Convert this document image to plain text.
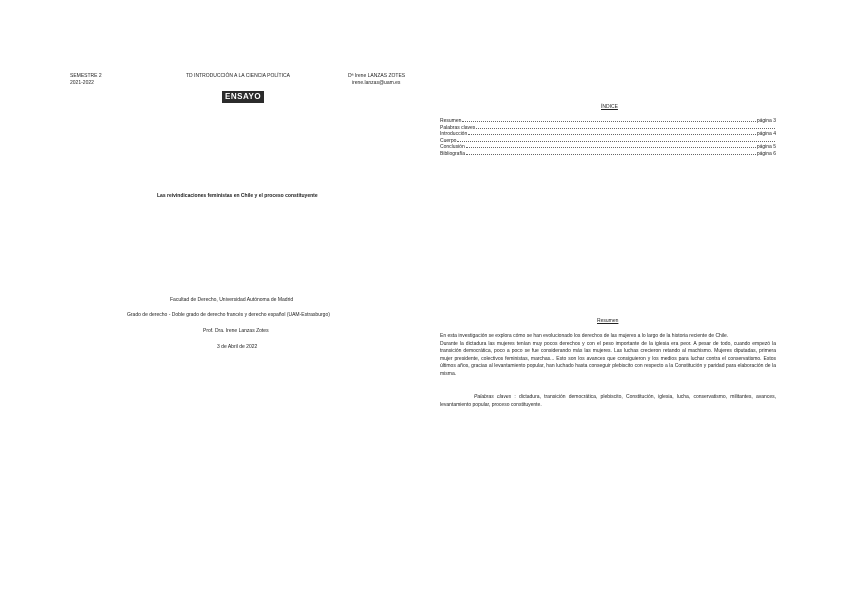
SEMESTRE 2
2021-2022
TD INTRODUCCIÓN A LA CIENCIA POLÍTICA	Dª Irene LANZAS ZOTES
irene.lanzas@uam.es
ENSAYO
Las reivindicaciones feministas en Chile y el proceso constituyente
Facultad de Derecho, Universidad Autónoma de Madrid
Grado de derecho - Doble grado de derecho francés y derecho español (UAM-Estrasburgo)
Prof. Dra. Irene Lanzas Zotes
3 de Abril de 2022
ÍNDICE
Resumen	página 3
Palabras claves
Introducción	página 4
Cuerpo
Conclusión	página 5
Bibliografía	página 6
Resumen

En esta investigación se explora cómo se han evolucionado los derechos de las mujeres a lo largo de la historia reciente de Chile.

Durante la dictadura las mujeres tenían muy pocos derechos y con el peso importante de la iglesia era peor. A pesar de todo, cuando empezó la transición democrática, poco a poco se fue considerando más las mujeres. Las luchas crecieron retando al machismo. Mujeres diputadas, primera mujer presidente, colectivos feministas, marchas... Esto son los avances que consiguieron y los medios para luchar contra el conservatismo. Estos últimos años, gracias al levantamiento popular, han luchado hasta conseguir plebiscito con respecto a la Constitución y paridad para elaboración de la misma.

Palabras claves : dictadura, transición democrática, plebiscito, Constitución, iglesia, lucha, conservatismo, militantes, avances, levantamiento popular, proceso constituyente.
